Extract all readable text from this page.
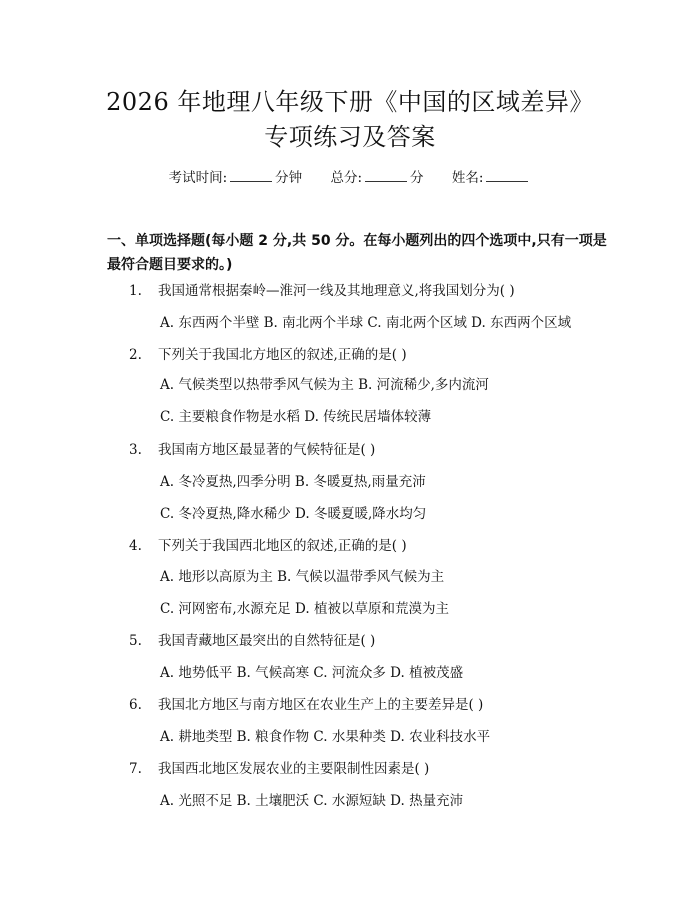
2026 年地理八年级下册《中国的区域差异》
专项练习及答案
考试时间:	分钟 总分:	分 姓名:
一、单项选择题(每小题 2 分,共 50 分。在每小题列出的四个选项中,只有一项是最符合题目要求的。)
1. 我国通常根据秦岭—淮河一线及其地理意义,将我国划分为( )
A. 东西两个半壁 B. 南北两个半球 C. 南北两个区域 D. 东西两个区域
2. 下列关于我国北方地区的叙述,正确的是( )
A. 气候类型以热带季风气候为主 B. 河流稀少,多内流河
C. 主要粮食作物是水稻 D. 传统民居墙体较薄
3. 我国南方地区最显著的气候特征是( )
A. 冬冷夏热,四季分明 B. 冬暖夏热,雨量充沛
C. 冬冷夏热,降水稀少 D. 冬暖夏暖,降水均匀
4. 下列关于我国西北地区的叙述,正确的是( )
A. 地形以高原为主 B. 气候以温带季风气候为主
C. 河网密布,水源充足 D. 植被以草原和荒漠为主
5. 我国青藏地区最突出的自然特征是( )
A. 地势低平 B. 气候高寒 C. 河流众多 D. 植被茂盛
6. 我国北方地区与南方地区在农业生产上的主要差异是( )
A. 耕地类型 B. 粮食作物 C. 水果种类 D. 农业科技水平
7. 我国西北地区发展农业的主要限制性因素是( )
A. 光照不足 B. 土壤肥沃 C. 水源短缺 D. 热量充沛
